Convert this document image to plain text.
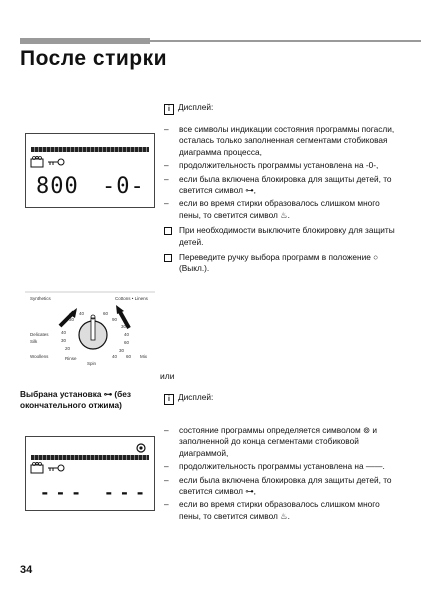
После стирки
800 -0-
i Дисплей:
– все символы индикации состояния программы погасли, осталась только заполненная сегментами стобиковая диаграмма процесса,
– продолжительность программы установлена на -0-,
– если была включена блокировка для защиты детей, то светится символ ⊶,
– если во время стирки образовалось слишком много пены, то светится символ ♨.
При необходимости выключите блокировку для защиты детей.
Переведите ручку выбора программ в положение ○ (Выкл.).
Synthetics	Cottons • Linens
Delicates
Silk
Woollens	Rinse
Spin
Mix
30
40	60
90
30
40
60
40
30
20	30
40 60
или
Выбрана установка ⊶ (без окончательного отжима)	i Дисплей:
– состояние программы определяется символом ⊚ и заполненной до конца сегментами стобиковой диаграммой,
– продолжительность программы установлена на ——.
– если была включена блокировка для защиты детей, то светится символ ⊶,
– если во время стирки образовалось слишком много пены, то светится символ ♨.
--- ---
34
